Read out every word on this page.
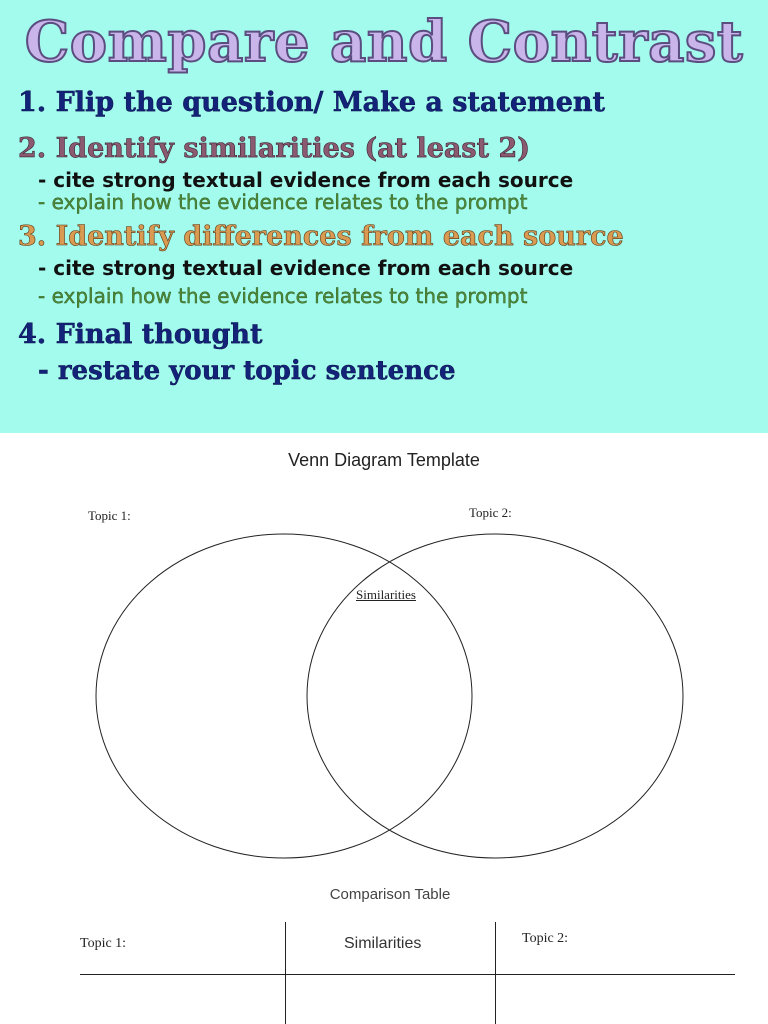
Compare and Contrast
1. Flip the question/ Make a statement
2. Identify similarities (at least 2)
- cite strong textual evidence from each source
- explain how the evidence relates to the prompt
3. Identify differences from each source
- cite strong textual evidence from each source
- explain how the evidence relates to the prompt
4. Final thought
- restate your topic sentence
Venn Diagram Template
Topic 1:	Topic 2:
Similarities
Comparison Table
Topic 1:	Similarities	Topic 2:
